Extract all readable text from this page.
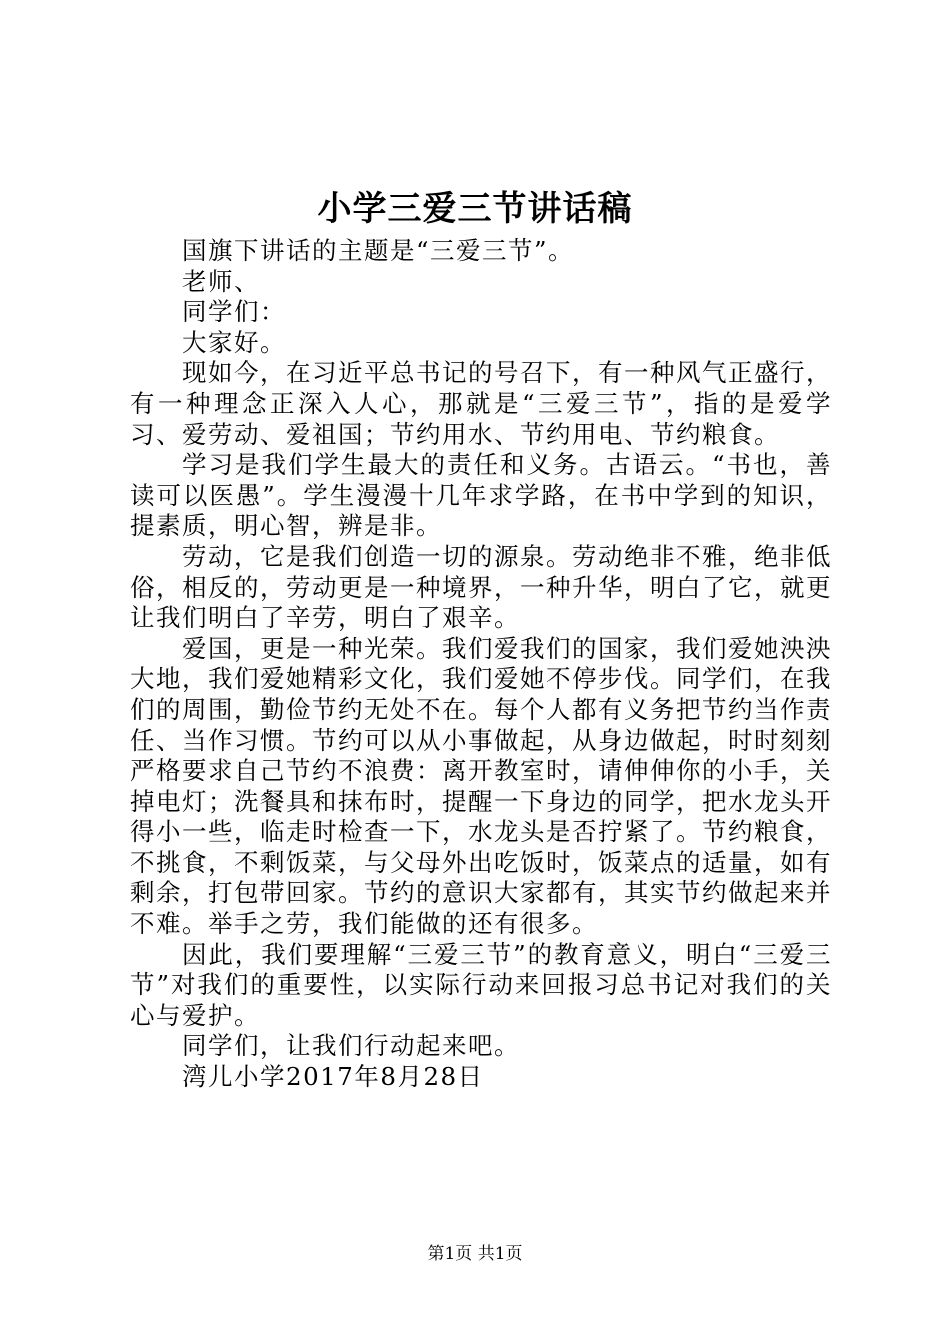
小学三爱三节讲话稿

国旗下讲话的主题是“三爱三节”。

老师、

同学们：

大家好。

现如今，在习近平总书记的号召下，有一种风气正盛行，有一种理念正深入人心，那就是“三爱三节”，指的是爱学习、爱劳动、爱祖国；节约用水、节约用电、节约粮食。

学习是我们学生最大的责任和义务。古语云。“书也，善读可以医愚”。学生漫漫十几年求学路，在书中学到的知识，提素质，明心智，辨是非。

劳动，它是我们创造一切的源泉。劳动绝非不雅，绝非低俗，相反的，劳动更是一种境界，一种升华，明白了它，就更让我们明白了辛劳，明白了艰辛。

爱国，更是一种光荣。我们爱我们的国家，我们爱她泱泱大地，我们爱她精彩文化，我们爱她不停步伐。同学们，在我们的周围，勤俭节约无处不在。每个人都有义务把节约当作责任、当作习惯。节约可以从小事做起，从身边做起，时时刻刻严格要求自己节约不浪费：离开教室时，请伸伸你的小手，关掉电灯；洗餐具和抹布时，提醒一下身边的同学，把水龙头开得小一些，临走时检查一下，水龙头是否拧紧了。节约粮食，不挑食，不剩饭菜，与父母外出吃饭时，饭菜点的适量，如有剩余，打包带回家。节约的意识大家都有，其实节约做起来并不难。举手之劳，我们能做的还有很多。

因此，我们要理解“三爱三节”的教育意义，明白“三爱三节”对我们的重要性，以实际行动来回报习总书记对我们的关心与爱护。

同学们，让我们行动起来吧。

湾儿小学2017年8月28日

第1页 共1页
